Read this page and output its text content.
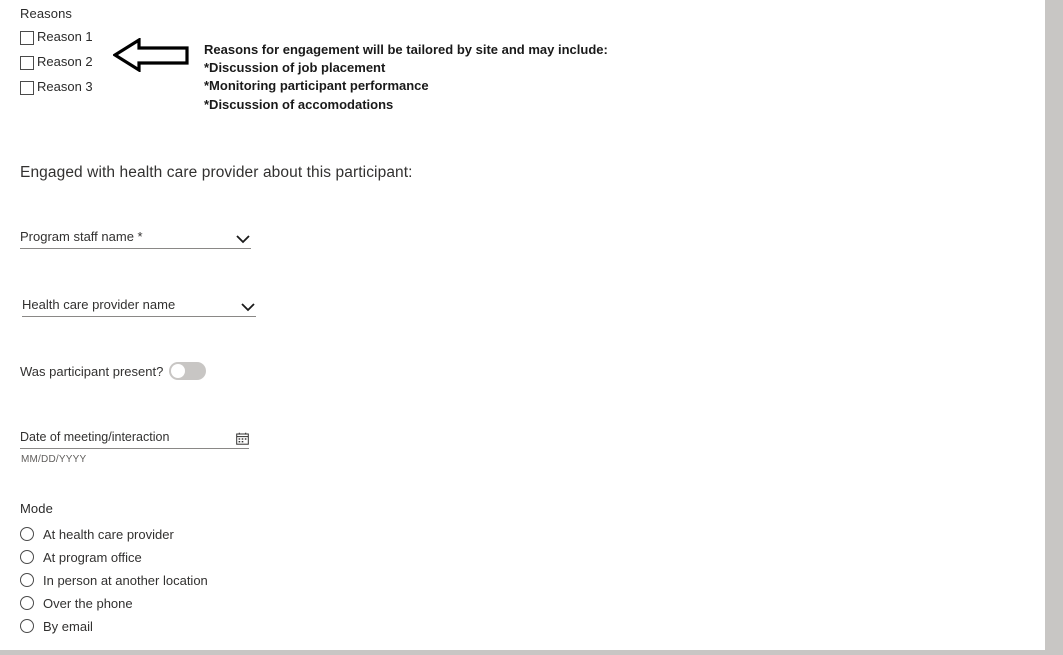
Reasons
Reason 1
Reason 2
Reason 3
Reasons for engagement will be tailored by site and may include:
*Discussion of job placement
*Monitoring participant performance
*Discussion of accomodations
Engaged with health care provider about this participant:
Program staff name *
Health care provider name
Was participant present?
Date of meeting/interaction
MM/DD/YYYY
Mode
At health care provider
At program office
In person at another location
Over the phone
By email
